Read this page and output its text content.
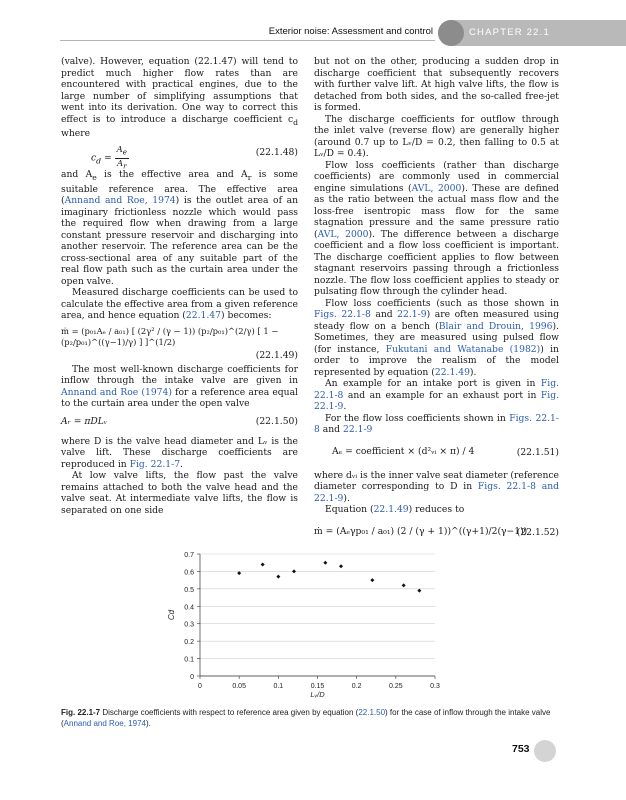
Exterior noise: Assessment and control	CHAPTER 22.1

(valve). However, equation (22.1.47) will tend to predict much higher flow rates than are encountered with practical engines, due to the large number of simplifying assumptions that went into its derivation. One way to correct this effect is to introduce a discharge coefficient $c_d$ where

$c_d = \frac{A_e}{A_r}$	(22.1.48)

and $A_e$ is the effective area and $A_r$ is some suitable reference area. The effective area (Annand and Roe, 1974) is the outlet area of an imaginary frictionless nozzle which would pass the required flow when drawing from a large constant pressure reservoir and discharging into another reservoir. The reference area can be the cross-sectional area of any suitable part of the real flow path such as the curtain area under the open valve.

Measured discharge coefficients can be used to calculate the effective area from a given reference area, and hence equation (22.1.47) becomes:

ṁ = (p₀₁Aₑ / a₀₁) [ (2γ² / (γ − 1)) (p₂/p₀₁)^(2/γ) [ 1 − (p₂/p₀₁)^((γ−1)/γ) ] ]^(1/2)
(22.1.49)

The most well-known discharge coefficients for inflow through the intake valve are given in Annand and Roe (1974) for a reference area equal to the curtain area under the open valve

Aᵣ = πDLᵥ	(22.1.50)

where D is the valve head diameter and Lᵥ is the valve lift. These discharge coefficients are reproduced in Fig. 22.1-7.

At low valve lifts, the flow past the valve remains attached to both the valve head and the valve seat. At intermediate valve lifts, the flow is separated on one side

but not on the other, producing a sudden drop in discharge coefficient that subsequently recovers with further valve lift. At high valve lifts, the flow is detached from both sides, and the so-called free-jet is formed.

The discharge coefficients for outflow through the inlet valve (reverse flow) are generally higher (around 0.7 up to Lᵥ/D = 0.2, then falling to 0.5 at Lᵥ/D = 0.4).

Flow loss coefficients (rather than discharge coefficients) are commonly used in commercial engine simulations (AVL, 2000). These are defined as the ratio between the actual mass flow and the loss-free isentropic mass flow for the same stagnation pressure and the same pressure ratio (AVL, 2000). The difference between a discharge coefficient and a flow loss coefficient is important. The discharge coefficient applies to flow between stagnant reservoirs passing through a frictionless nozzle. The flow loss coefficient applies to steady or pulsating flow through the cylinder head.

Flow loss coefficients (such as those shown in Figs. 22.1-8 and 22.1-9) are often measured using steady flow on a bench (Blair and Drouin, 1996). Sometimes, they are measured using pulsed flow (for instance, Fukutani and Watanabe (1982)) in order to improve the realism of the model represented by equation (22.1.49).

An example for an intake port is given in Fig. 22.1-8 and an example for an exhaust port in Fig. 22.1-9.

For the flow loss coefficients shown in Figs. 22.1-8 and 22.1-9

Aₑ = coefficient × (d²ᵥᵢ × π) / 4	(22.1.51)

where dᵥᵢ is the inner valve seat diameter (reference diameter corresponding to D in Figs. 22.1-8 and 22.1-9).

Equation (22.1.49) reduces to

ṁ = (Aₑγp₀₁ / a₀₁) (2 / (γ + 1))^((γ+1)/2(γ−1))
(22.1.52)
0
0.1
0.2
0.3
0.4
0.5
0.6
0.7
0	0.05	0.1	0.15	0.2	0.25	0.3
Lᵥ/D
Cd
Fig. 22.1-7 Discharge coefficients with respect to reference area given by equation (22.1.50) for the case of inflow through the intake valve (Annand and Roe, 1974).
753
